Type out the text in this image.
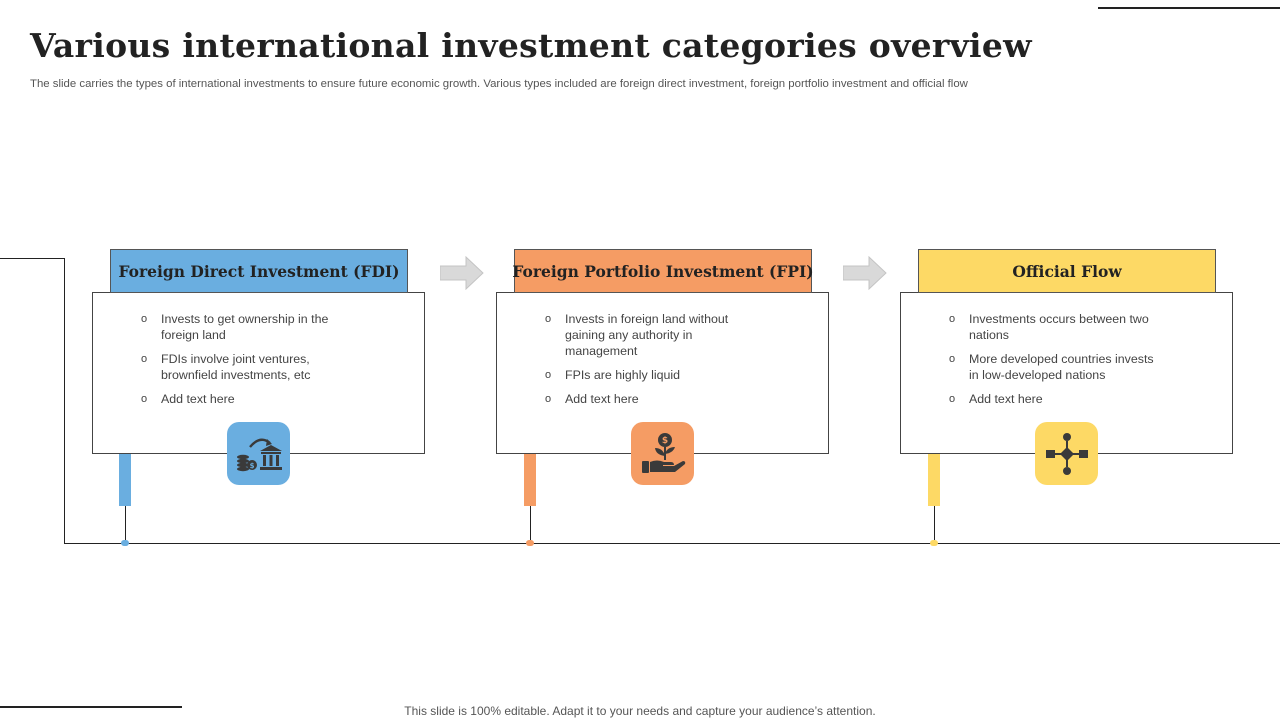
Various international investment categories overview

The slide carries the types of international investments to ensure future economic growth. Various types included are foreign direct investment, foreign portfolio investment and official flow

o Invests to get ownership in the foreign land
o FDIs involve joint ventures, brownfield investments, etc
o Add text here
Foreign Direct Investment (FDI)
$
o Invests in foreign land without gaining any authority in management
o FPIs are highly liquid
o Add text here
Foreign Portfolio Investment (FPI)
$
o Investments occurs between two nations
o More developed countries invests in low-developed nations
o Add text here
Official Flow

This slide is 100% editable. Adapt it to your needs and capture your audience’s attention.
